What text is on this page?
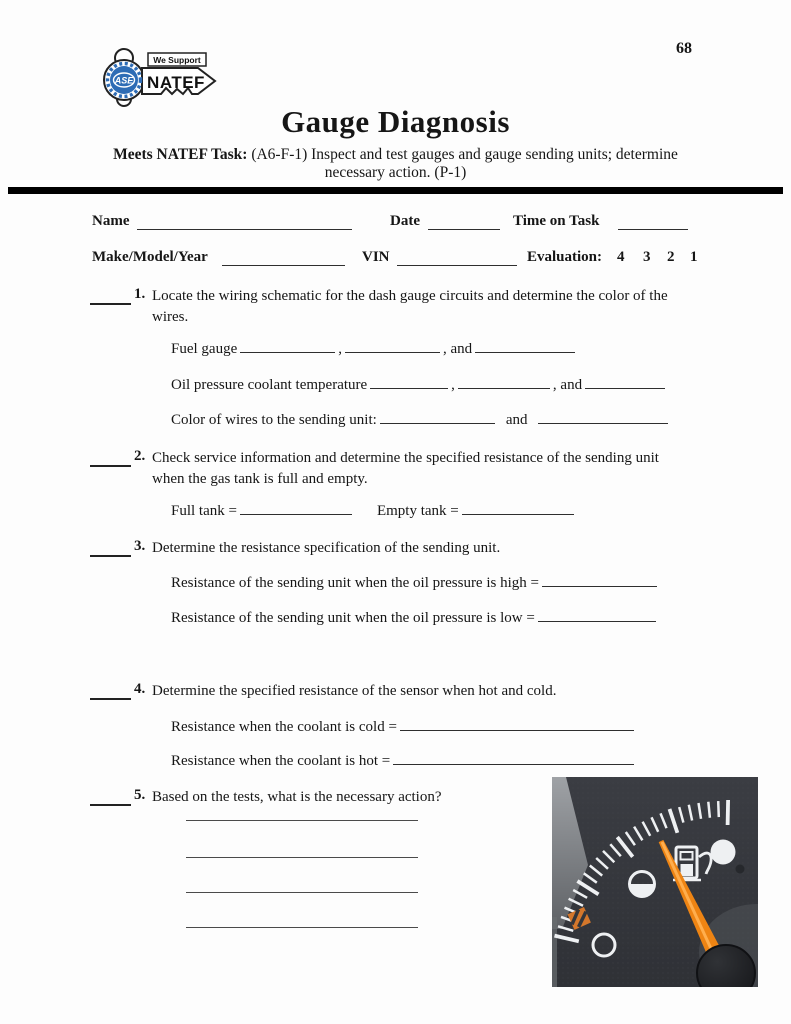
ASE
We Support
NATEF
68
Gauge Diagnosis
Meets NATEF Task: (A6-F-1) Inspect and test gauges and gauge sending units; determine
necessary action. (P-1)
Name	Date	Time on Task
Make/Model/Year	VIN	Evaluation: 4 3 2 1
1. Locate the wiring schematic for the dash gauge circuits and determine the color of the
wires.
Fuel gauge	,	, and
Oil pressure coolant temperature	,	, and
Color of wires to the sending unit:	and
2. Check service information and determine the specified resistance of the sending unit
when the gas tank is full and empty.
Full tank =	Empty tank =
3. Determine the resistance specification of the sending unit.
Resistance of the sending unit when the oil pressure is high =
Resistance of the sending unit when the oil pressure is low =
4. Determine the specified resistance of the sensor when hot and cold.
Resistance when the coolant is cold =
Resistance when the coolant is hot =
5. Based on the tests, what is the necessary action?
